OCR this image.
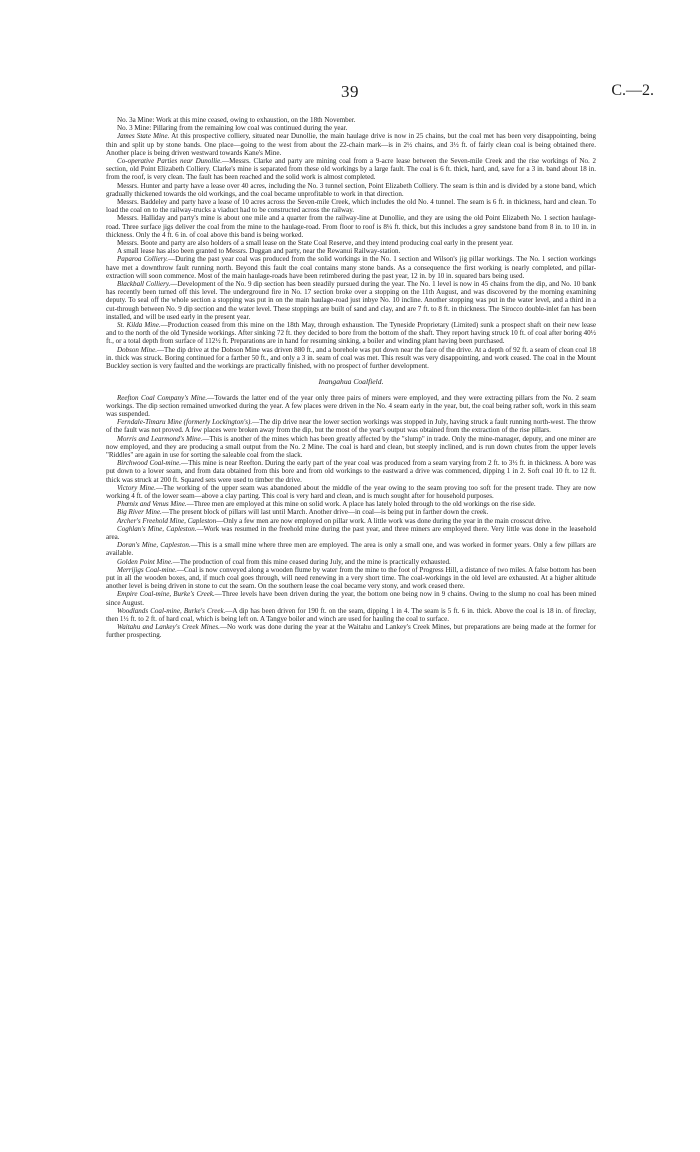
39	C.—2.

No. 3a Mine: Work at this mine ceased, owing to exhaustion, on the 18th November.

No. 3 Mine: Pillaring from the remaining low coal was continued during the year.

James State Mine. At this prospective colliery, situated near Dunollie, the main haulage drive is now in 25 chains, but the coal met has been very disappointing, being thin and split up by stone bands. One place—going to the west from about the 22-chain mark—is in 2½ chains, and 3½ ft. of fairly clean coal is being obtained there. Another place is being driven westward towards Kane's Mine.

Co-operative Parties near Dunollie.—Messrs. Clarke and party are mining coal from a 9-acre lease between the Seven-mile Creek and the rise workings of No. 2 section, old Point Elizabeth Colliery. Clarke's mine is separated from these old workings by a large fault. The coal is 6 ft. thick, hard, and, save for a 3 in. band about 18 in. from the roof, is very clean. The fault has been reached and the solid work is almost completed.

Messrs. Hunter and party have a lease over 40 acres, including the No. 3 tunnel section, Point Elizabeth Colliery. The seam is thin and is divided by a stone band, which gradually thickened towards the old workings, and the coal became unprofitable to work in that direction.

Messrs. Baddeley and party have a lease of 10 acres across the Seven-mile Creek, which includes the old No. 4 tunnel. The seam is 6 ft. in thickness, hard and clean. To load the coal on to the railway-trucks a viaduct had to be constructed across the railway.

Messrs. Halliday and party's mine is about one mile and a quarter from the railway-line at Dunollie, and they are using the old Point Elizabeth No. 1 section haulage-road. Three surface jigs deliver the coal from the mine to the haulage-road. From floor to roof is 8¼ ft. thick, but this includes a grey sandstone band from 8 in. to 10 in. in thickness. Only the 4 ft. 6 in. of coal above this band is being worked.

Messrs. Boote and party are also holders of a small lease on the State Coal Reserve, and they intend producing coal early in the present year.

A small lease has also been granted to Messrs. Duggan and party, near the Rewanui Railway-station.

Paparoa Colliery.—During the past year coal was produced from the solid workings in the No. 1 section and Wilson's jig pillar workings. The No. 1 section workings have met a downthrow fault running north. Beyond this fault the coal contains many stone bands. As a consequence the first working is nearly completed, and pillar-extraction will soon commence. Most of the main haulage-roads have been retimbered during the past year, 12 in. by 10 in. squared bars being used.

Blackball Colliery.—Development of the No. 9 dip section has been steadily pursued during the year. The No. 1 level is now in 45 chains from the dip, and No. 10 bank has recently been turned off this level. The underground fire in No. 17 section broke over a stopping on the 11th August, and was discovered by the morning examining deputy. To seal off the whole section a stopping was put in on the main haulage-road just inbye No. 10 incline. Another stopping was put in the water level, and a third in a cut-through between No. 9 dip section and the water level. These stoppings are built of sand and clay, and are 7 ft. to 8 ft. in thickness. The Sirocco double-inlet fan has been installed, and will be used early in the present year.

St. Kilda Mine.—Production ceased from this mine on the 18th May, through exhaustion. The Tyneside Proprietary (Limited) sunk a prospect shaft on their new lease and to the north of the old Tyneside workings. After sinking 72 ft. they decided to bore from the bottom of the shaft. They report having struck 10 ft. of coal after boring 40½ ft., or a total depth from surface of 112½ ft. Preparations are in hand for resuming sinking, a boiler and winding plant having been purchased.

Dobson Mine.—The dip drive at the Dobson Mine was driven 880 ft., and a borehole was put down near the face of the drive. At a depth of 92 ft. a seam of clean coal 18 in. thick was struck. Boring continued for a farther 50 ft., and only a 3 in. seam of coal was met. This result was very disappointing, and work ceased. The coal in the Mount Buckley section is very faulted and the workings are practically finished, with no prospect of further development.

Inangahua Coalfield.

Reefton Coal Company's Mine.—Towards the latter end of the year only three pairs of miners were employed, and they were extracting pillars from the No. 2 seam workings. The dip section remained unworked during the year. A few places were driven in the No. 4 seam early in the year, but, the coal being rather soft, work in this seam was suspended.

Ferndale-Timaru Mine (formerly Lockington's).—The dip drive near the lower section workings was stopped in July, having struck a fault running north-west. The throw of the fault was not proved. A few places were broken away from the dip, but the most of the year's output was obtained from the extraction of the rise pillars.

Morris and Learmond's Mine.—This is another of the mines which has been greatly affected by the "slump" in trade. Only the mine-manager, deputy, and one miner are now employed, and they are producing a small output from the No. 2 Mine. The coal is hard and clean, but steeply inclined, and is run down chutes from the upper levels "Riddles" are again in use for sorting the saleable coal from the slack.

Birchwood Coal-mine.—This mine is near Reefton. During the early part of the year coal was produced from a seam varying from 2 ft. to 3½ ft. in thickness. A bore was put down to a lower seam, and from data obtained from this bore and from old workings to the eastward a drive was commenced, dipping 1 in 2. Soft coal 10 ft. to 12 ft. thick was struck at 200 ft. Squared sets were used to timber the drive.

Victory Mine.—The working of the upper seam was abandoned about the middle of the year owing to the seam proving too soft for the present trade. They are now working 4 ft. of the lower seam—above a clay parting. This coal is very hard and clean, and is much sought after for household purposes.

Phœnix and Venus Mine.—Three men are employed at this mine on solid work. A place has lately holed through to the old workings on the rise side.

Big River Mine.—The present block of pillars will last until March. Another drive—in coal—is being put in farther down the creek.

Archer's Freehold Mine, Capleston—Only a few men are now employed on pillar work. A little work was done during the year in the main crosscut drive.

Coghlan's Mine, Capleston.—Work was resumed in the freehold mine during the past year, and three miners are employed there. Very little was done in the leasehold area.

Doran's Mine, Capleston.—This is a small mine where three men are employed. The area is only a small one, and was worked in former years. Only a few pillars are available.

Golden Point Mine.—The production of coal from this mine ceased during July, and the mine is practically exhausted.

Merrijigs Coal-mine.—Coal is now conveyed along a wooden flume by water from the mine to the foot of Progress Hill, a distance of two miles. A false bottom has been put in all the wooden boxes, and, if much coal goes through, will need renewing in a very short time. The coal-workings in the old level are exhausted. At a higher altitude another level is being driven in stone to cut the seam. On the southern lease the coal became very stony, and work ceased there.

Empire Coal-mine, Burke's Creek.—Three levels have been driven during the year, the bottom one being now in 9 chains. Owing to the slump no coal has been mined since August.

Woodlands Coal-mine, Burke's Creek.—A dip has been driven for 190 ft. on the seam, dipping 1 in 4. The seam is 5 ft. 6 in. thick. Above the coal is 18 in. of fireclay, then 1½ ft. to 2 ft. of hard coal, which is being left on. A Tangye boiler and winch are used for hauling the coal to surface.

Waitahu and Lankey's Creek Mines.—No work was done during the year at the Waitahu and Lankey's Creek Mines, but preparations are being made at the former for further prospecting.
